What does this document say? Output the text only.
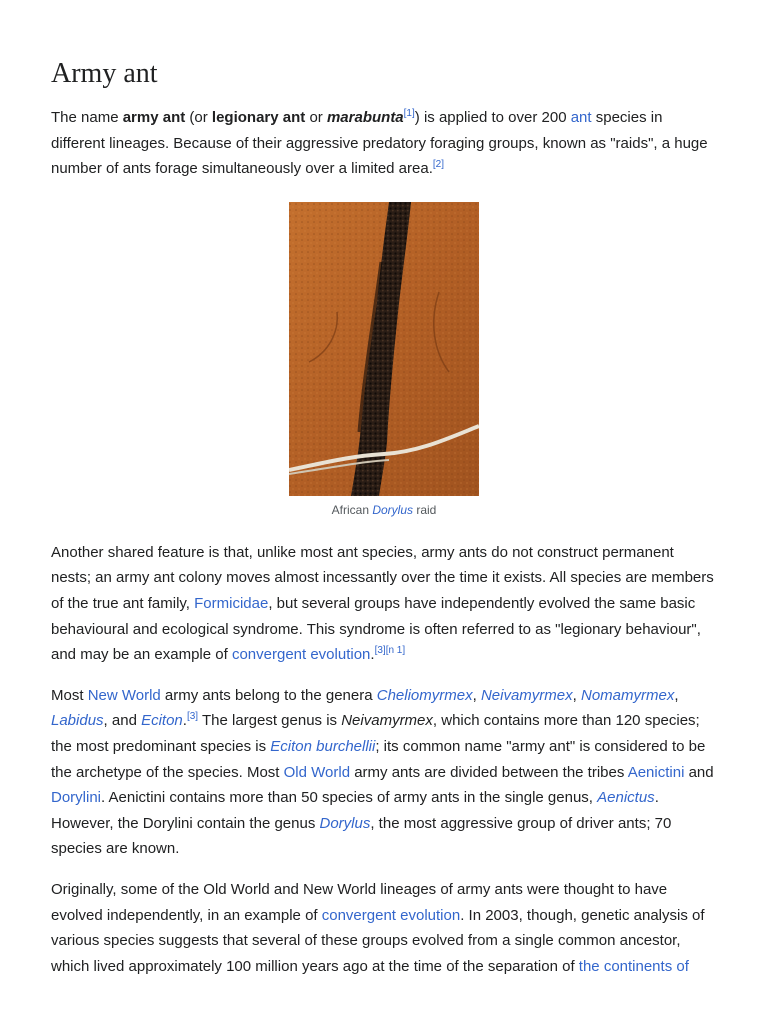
Army ant

The name army ant (or legionary ant or marabunta[1]) is applied to over 200 ant species in different lineages. Because of their aggressive predatory foraging groups, known as "raids", a huge number of ants forage simultaneously over a limited area.[2]

African Dorylus raid

Another shared feature is that, unlike most ant species, army ants do not construct permanent nests; an army ant colony moves almost incessantly over the time it exists. All species are members of the true ant family, Formicidae, but several groups have independently evolved the same basic behavioural and ecological syndrome. This syndrome is often referred to as "legionary behaviour", and may be an example of convergent evolution.[3][n 1]

Most New World army ants belong to the genera Cheliomyrmex, Neivamyrmex, Nomamyrmex, Labidus, and Eciton.[3] The largest genus is Neivamyrmex, which contains more than 120 species; the most predominant species is Eciton burchellii; its common name "army ant" is considered to be the archetype of the species. Most Old World army ants are divided between the tribes Aenictini and Dorylini. Aenictini contains more than 50 species of army ants in the single genus, Aenictus. However, the Dorylini contain the genus Dorylus, the most aggressive group of driver ants; 70 species are known.

Originally, some of the Old World and New World lineages of army ants were thought to have evolved independently, in an example of convergent evolution. In 2003, though, genetic analysis of various species suggests that several of these groups evolved from a single common ancestor, which lived approximately 100 million years ago at the time of the separation of the continents of
